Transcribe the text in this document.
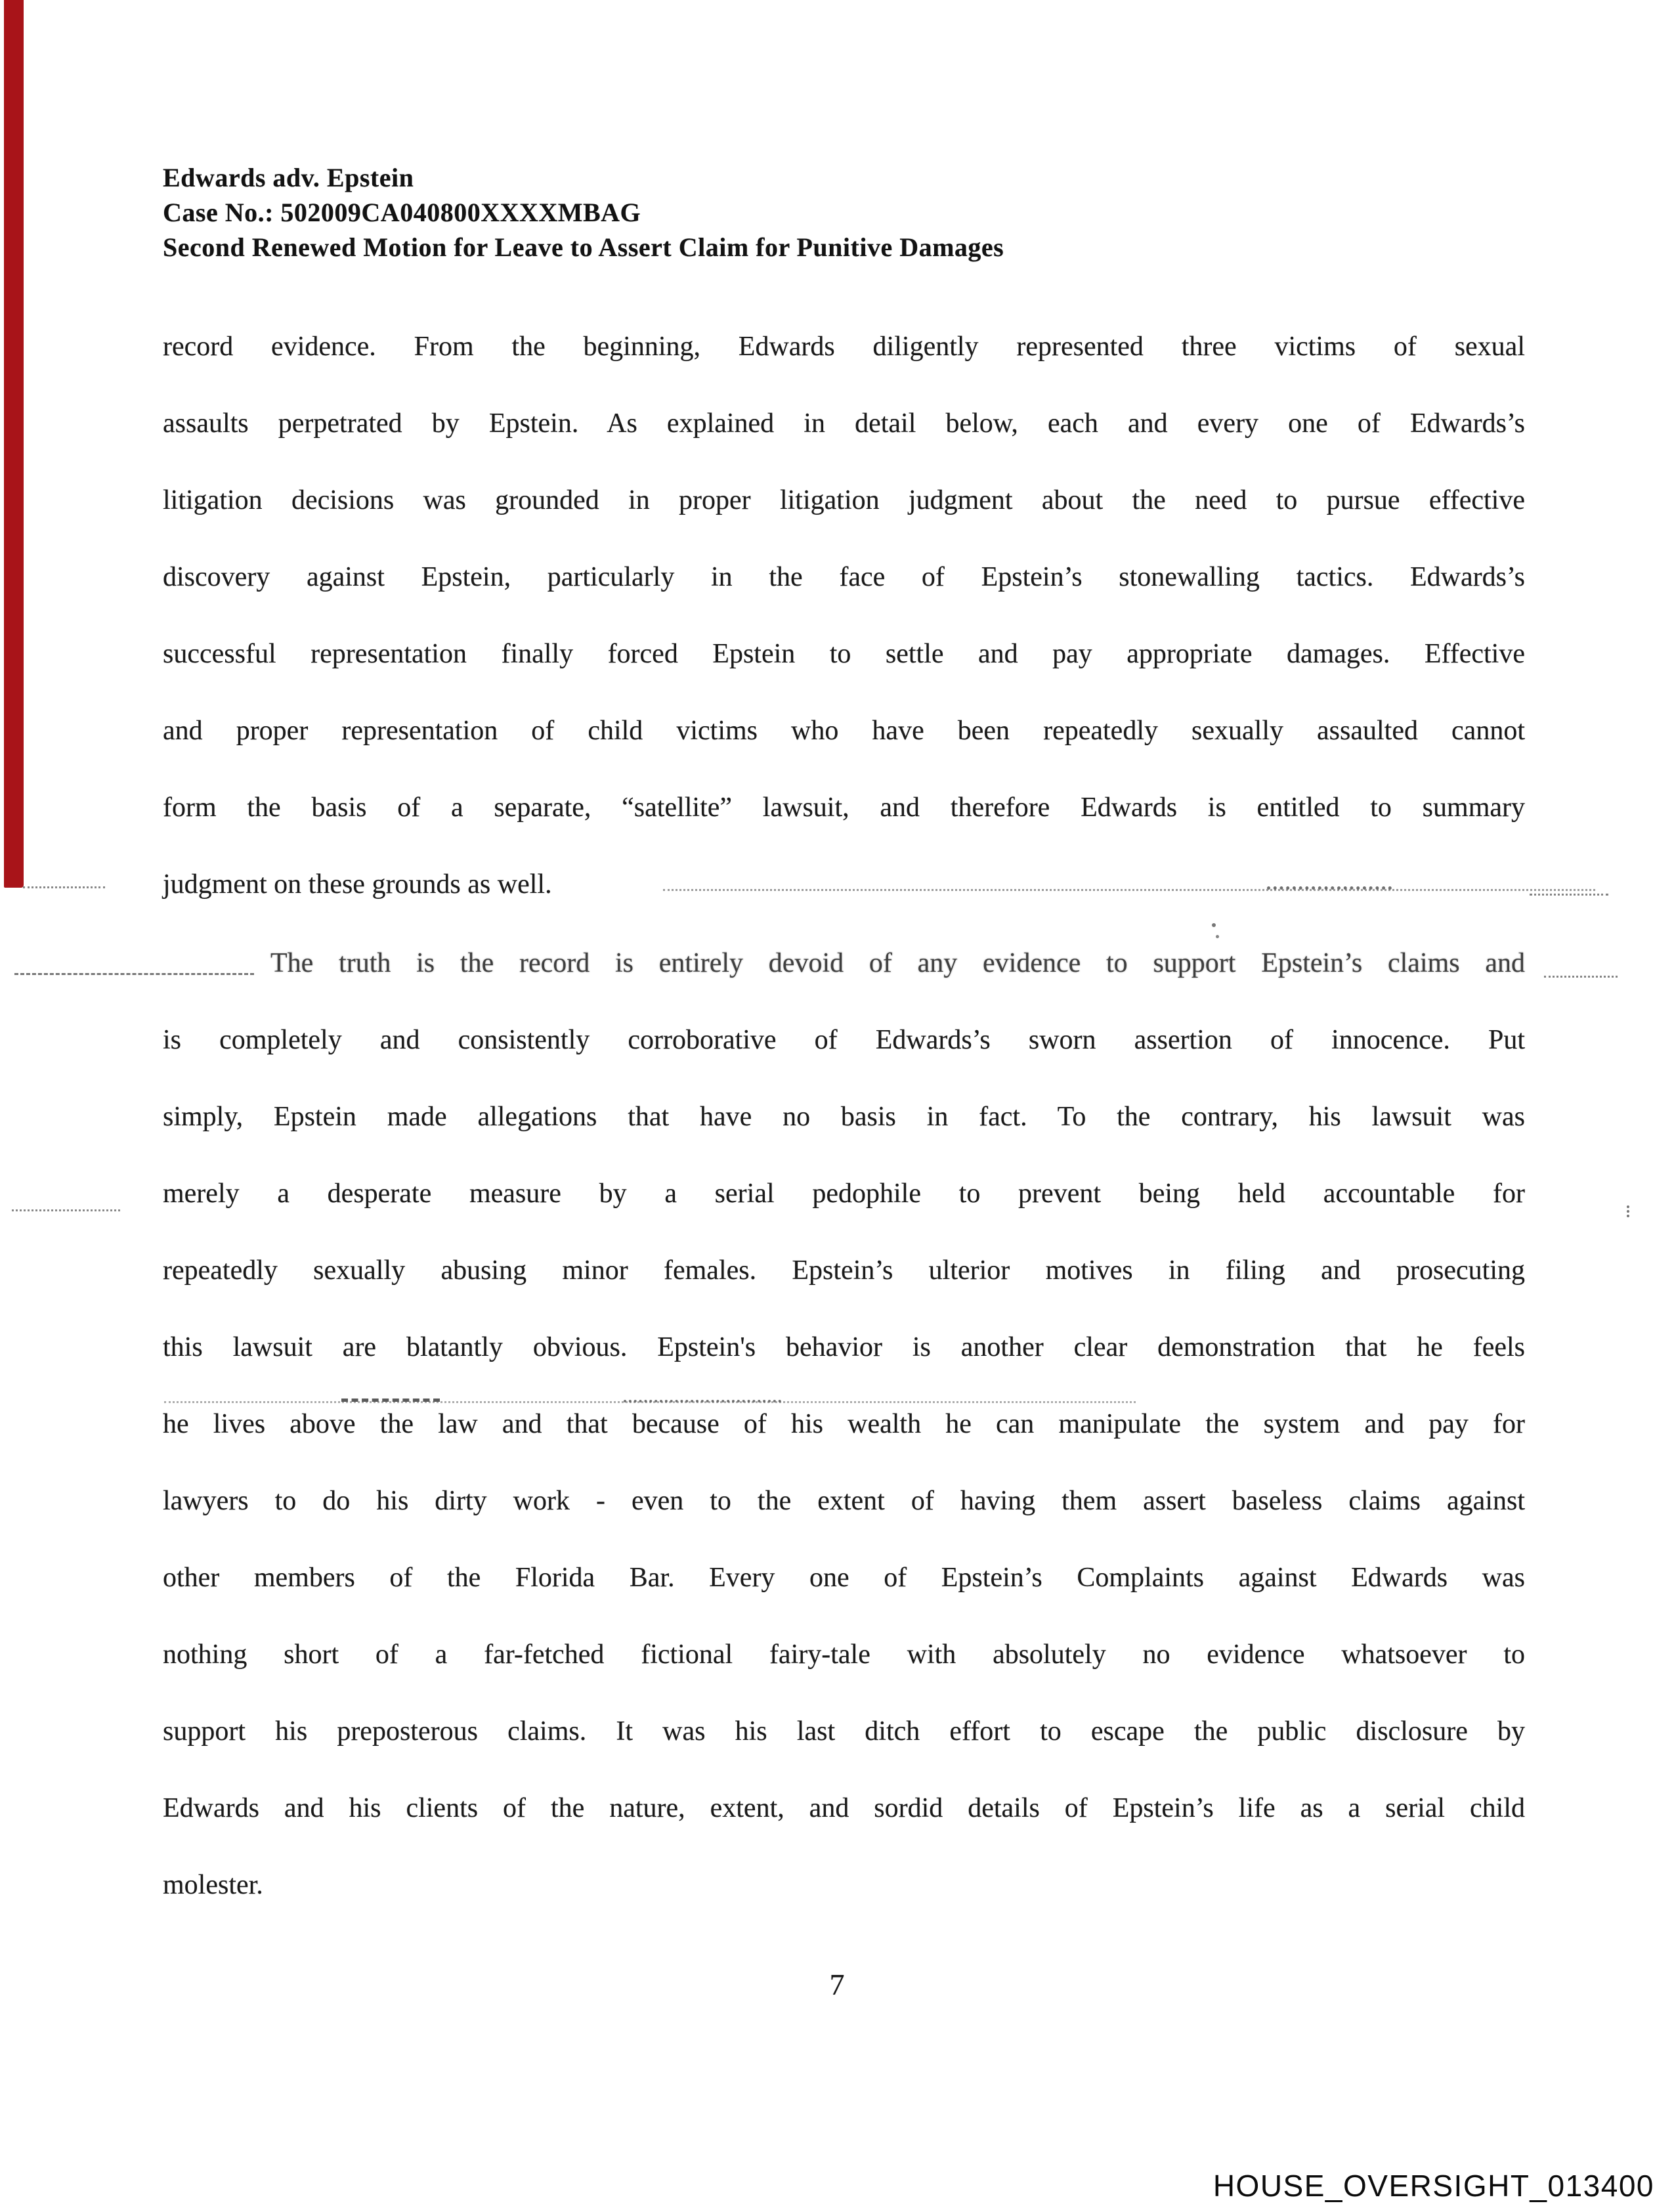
Edwards adv. Epstein
Case No.: 502009CA040800XXXXMBAG
Second Renewed Motion for Leave to Assert Claim for Punitive Damages
record evidence. From the beginning, Edwards diligently represented three victims of sexual
assaults perpetrated by Epstein. As explained in detail below, each and every one of Edwards’s
litigation decisions was grounded in proper litigation judgment about the need to pursue effective
discovery against Epstein, particularly in the face of Epstein’s stonewalling tactics. Edwards’s
successful representation finally forced Epstein to settle and pay appropriate damages. Effective
and proper representation of child victims who have been repeatedly sexually assaulted cannot
form the basis of a separate, “satellite” lawsuit, and therefore Edwards is entitled to summary
judgment on these grounds as well.
The truth is the record is entirely devoid of any evidence to support Epstein’s claims and
is completely and consistently corroborative of Edwards’s sworn assertion of innocence. Put
simply, Epstein made allegations that have no basis in fact. To the contrary, his lawsuit was
merely a desperate measure by a serial pedophile to prevent being held accountable for
repeatedly sexually abusing minor females. Epstein’s ulterior motives in filing and prosecuting
this lawsuit are blatantly obvious. Epstein's behavior is another clear demonstration that he feels
he lives above the law and that because of his wealth he can manipulate the system and pay for
lawyers to do his dirty work - even to the extent of having them assert baseless claims against
other members of the Florida Bar. Every one of Epstein’s Complaints against Edwards was
nothing short of a far-fetched fictional fairy-tale with absolutely no evidence whatsoever to
support his preposterous claims. It was his last ditch effort to escape the public disclosure by
Edwards and his clients of the nature, extent, and sordid details of Epstein’s life as a serial child
molester.
7
HOUSE_OVERSIGHT_013400
